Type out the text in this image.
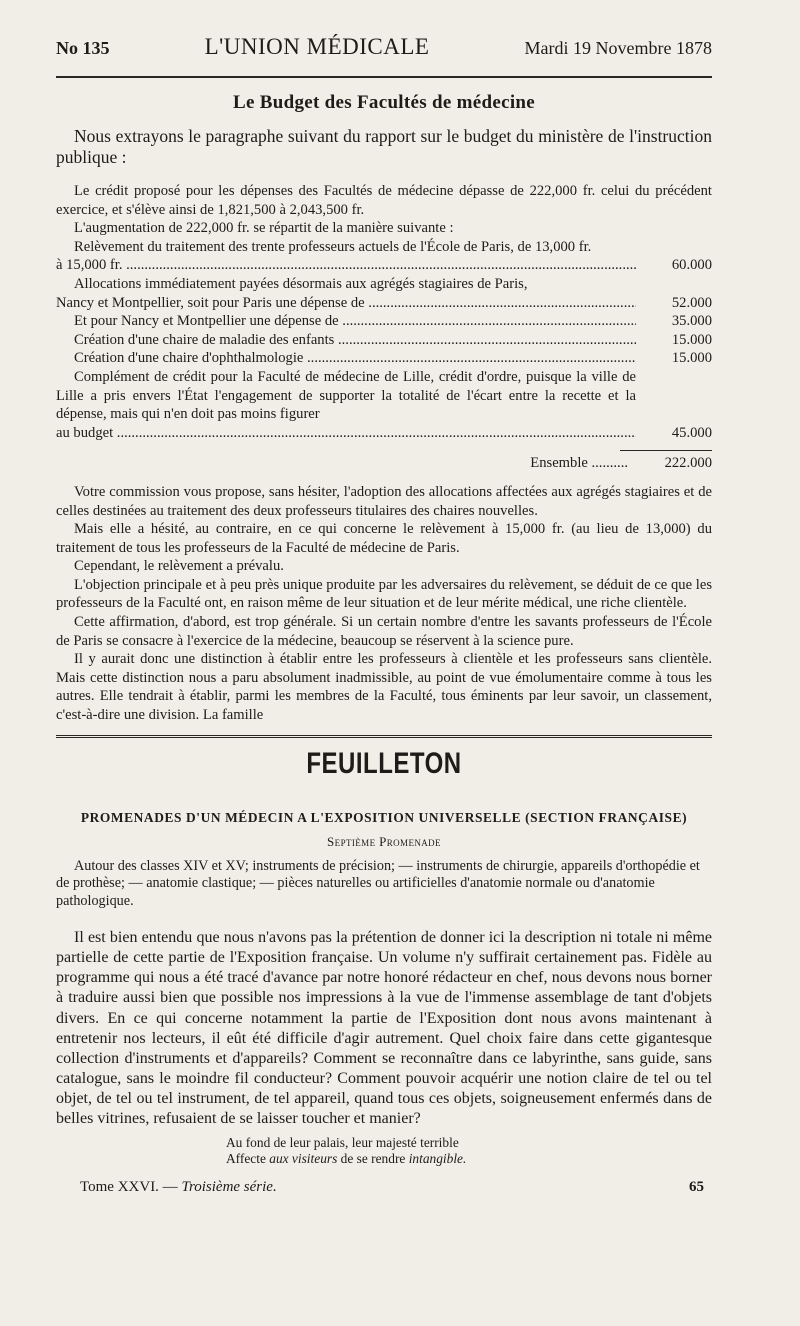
No 135	L'UNION MÉDICALE	Mardi 19 Novembre 1878
Le Budget des Facultés de médecine

Nous extrayons le paragraphe suivant du rapport sur le budget du ministère de l'instruction publique :

Le crédit proposé pour les dépenses des Facultés de médecine dépasse de 222,000 fr. celui du précédent exercice, et s'élève ainsi de 1,821,500 à 2,043,500 fr.

L'augmentation de 222,000 fr. se répartit de la manière suivante :

Relèvement du traitement des trente professeurs actuels de l'École de Paris, de 13,000 fr.

à 15,000 fr. .....	60.000

Allocations immédiatement payées désormais aux agrégés stagiaires de Paris,

Nancy et Montpellier, soit pour Paris une dépense de .....	52.000
Et pour Nancy et Montpellier une dépense de .....	35.000
Création d'une chaire de maladie des enfants .....	15.000
Création d'une chaire d'ophthalmologie .....	15.000

Complément de crédit pour la Faculté de médecine de Lille, crédit d'ordre, puisque la ville de Lille a pris envers l'État l'engagement de supporter la totalité de l'écart entre la recette et la dépense, mais qui n'en doit pas moins figurer

au budget .....	45.000
Ensemble .....	222.000

Votre commission vous propose, sans hésiter, l'adoption des allocations affectées aux agrégés stagiaires et de celles destinées au traitement des deux professeurs titulaires des chaires nouvelles.

Mais elle a hésité, au contraire, en ce qui concerne le relèvement à 15,000 fr. (au lieu de 13,000) du traitement de tous les professeurs de la Faculté de médecine de Paris.

Cependant, le relèvement a prévalu.

L'objection principale et à peu près unique produite par les adversaires du relèvement, se déduit de ce que les professeurs de la Faculté ont, en raison même de leur situation et de leur mérite médical, une riche clientèle.

Cette affirmation, d'abord, est trop générale. Si un certain nombre d'entre les savants professeurs de l'École de Paris se consacre à l'exercice de la médecine, beaucoup se réservent à la science pure.

Il y aurait donc une distinction à établir entre les professeurs à clientèle et les professeurs sans clientèle. Mais cette distinction nous a paru absolument inadmissible, au point de vue émolumentaire comme à tous les autres. Elle tendrait à établir, parmi les membres de la Faculté, tous éminents par leur savoir, un classement, c'est-à-dire une division. La famille

FEUILLETON
PROMENADES D'UN MÉDECIN A L'EXPOSITION UNIVERSELLE (SECTION FRANÇAISE)
Septième Promenade

Autour des classes XIV et XV; instruments de précision; — instruments de chirurgie, appareils d'orthopédie et de prothèse; — anatomie clastique; — pièces naturelles ou artificielles d'anatomie normale ou d'anatomie pathologique.

Il est bien entendu que nous n'avons pas la prétention de donner ici la description ni totale ni même partielle de cette partie de l'Exposition française. Un volume n'y suffirait certainement pas. Fidèle au programme qui nous a été tracé d'avance par notre honoré rédacteur en chef, nous devons nous borner à traduire aussi bien que possible nos impressions à la vue de l'immense assemblage de tant d'objets divers. En ce qui concerne notamment la partie de l'Exposition dont nous avons maintenant à entretenir nos lecteurs, il eût été difficile d'agir autrement. Quel choix faire dans cette gigantesque collection d'instruments et d'appareils? Comment se reconnaître dans ce labyrinthe, sans guide, sans catalogue, sans le moindre fil conducteur? Comment pouvoir acquérir une notion claire de tel ou tel objet, de tel ou tel instrument, de tel appareil, quand tous ces objets, soigneusement enfermés dans de belles vitrines, refusaient de se laisser toucher et manier?

Au fond de leur palais, leur majesté terrible
Affecte aux visiteurs de se rendre intangible.
Tome XXVI. — Troisième série.	65
